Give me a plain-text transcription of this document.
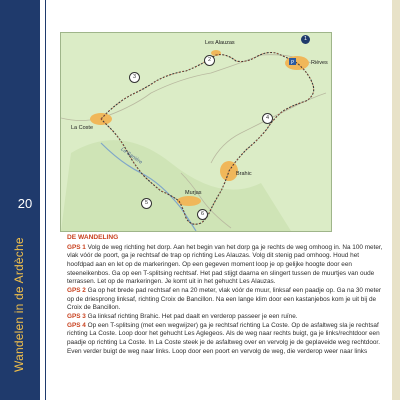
20
Wandelen in de Ardèche
P
1
2
3
4
5
6
Les Alauzas
Rièves
La Coste
Brahic
Murjas
La Ganière
DE WANDELING

GPS 1 Volg de weg richting het dorp. Aan het begin van het dorp ga je rechts de weg omhoog in. Na 100 meter, vlak vóór de poort, ga je rechtsaf de trap op richting Les Alauzas. Volg dit stenig pad omhoog. Houd het hoofdpad aan en let op de markeringen. Op een gegeven moment loop je op gelijke hoogte door een steeneikenbos. Ga op een T-splitsing rechtsaf. Het pad stijgt daarna en slingert tussen de muurtjes van oude terrassen. Let op de markeringen. Je komt uit in het gehucht Les Alauzas.

GPS 2 Ga op het brede pad rechtsaf en na 20 meter, vlak vóór de muur, linksaf een paadje op. Ga na 30 meter op de driesprong linksaf, richting Croix de Bancillon. Na een lange klim door een kastanjebos kom je uit bij de Croix de Bancillon.

GPS 3 Ga linksaf richting Brahic. Het pad daalt en verderop passeer je een ruïne.

GPS 4 Op een T-splitsing (met een wegwijzer) ga je rechtsaf richting La Coste. Op de asfaltweg sla je rechtsaf richting La Coste. Loop door het gehucht Les Aglegeos. Als de weg naar rechts buigt, ga je links/rechtdoor een paadje op richting La Coste. In La Coste steek je de asfaltweg over en vervolg je de geplaveide weg rechtdoor. Even verder buigt de weg naar links. Loop door een poort en vervolg de weg, die verderop weer naar links
